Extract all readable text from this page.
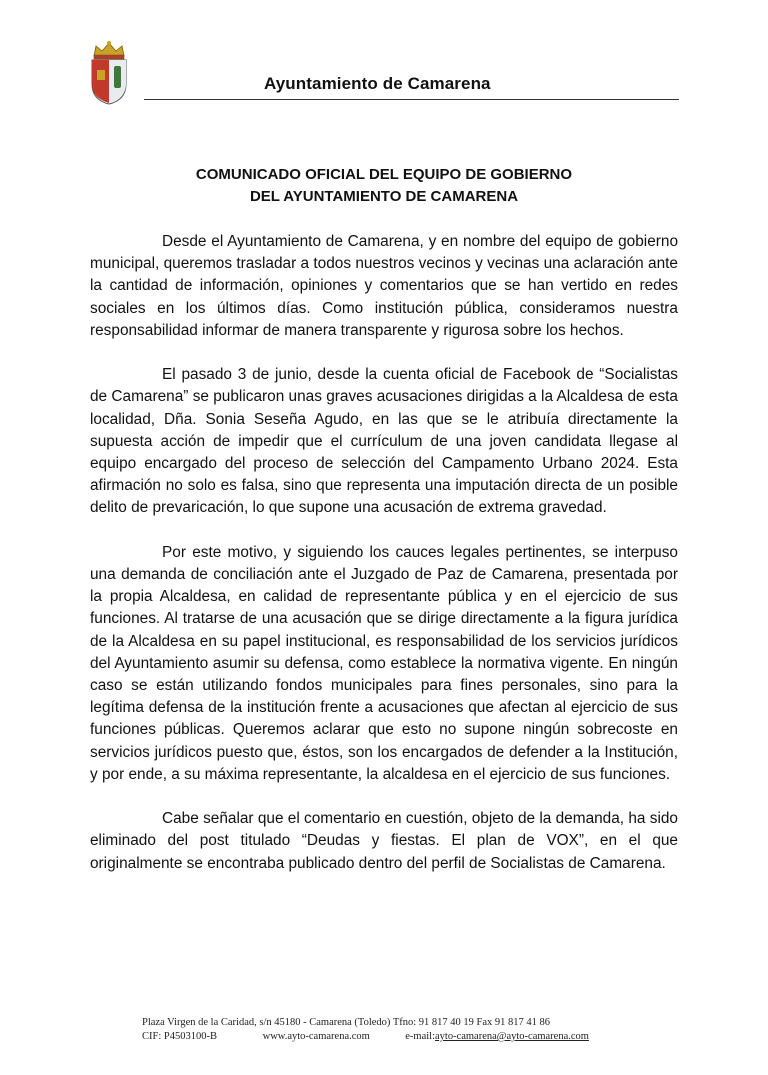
Ayuntamiento de Camarena
COMUNICADO OFICIAL DEL EQUIPO DE GOBIERNO
DEL AYUNTAMIENTO DE CAMARENA

Desde el Ayuntamiento de Camarena, y en nombre del equipo de gobierno municipal, queremos trasladar a todos nuestros vecinos y vecinas una aclaración ante la cantidad de información, opiniones y comentarios que se han vertido en redes sociales en los últimos días. Como institución pública, consideramos nuestra responsabilidad informar de manera transparente y rigurosa sobre los hechos.

El pasado 3 de junio, desde la cuenta oficial de Facebook de “Socialistas de Camarena” se publicaron unas graves acusaciones dirigidas a la Alcaldesa de esta localidad, Dña. Sonia Seseña Agudo, en las que se le atribuía directamente la supuesta acción de impedir que el currículum de una joven candidata llegase al equipo encargado del proceso de selección del Campamento Urbano 2024. Esta afirmación no solo es falsa, sino que representa una imputación directa de un posible delito de prevaricación, lo que supone una acusación de extrema gravedad.

Por este motivo, y siguiendo los cauces legales pertinentes, se interpuso una demanda de conciliación ante el Juzgado de Paz de Camarena, presentada por la propia Alcaldesa, en calidad de representante pública y en el ejercicio de sus funciones. Al tratarse de una acusación que se dirige directamente a la figura jurídica de la Alcaldesa en su papel institucional, es responsabilidad de los servicios jurídicos del Ayuntamiento asumir su defensa, como establece la normativa vigente. En ningún caso se están utilizando fondos municipales para fines personales, sino para la legítima defensa de la institución frente a acusaciones que afectan al ejercicio de sus funciones públicas. Queremos aclarar que esto no supone ningún sobrecoste en servicios jurídicos puesto que, éstos, son los encargados de defender a la Institución, y por ende, a su máxima representante, la alcaldesa en el ejercicio de sus funciones.

Cabe señalar que el comentario en cuestión, objeto de la demanda, ha sido eliminado del post titulado “Deudas y fiestas. El plan de VOX”, en el que originalmente se encontraba publicado dentro del perfil de Socialistas de Camarena.

Plaza Virgen de la Caridad, s/n 45180 - Camarena (Toledo) Tfno: 91 817 40 19 Fax 91 817 41 86
CIF: P4503100-B	www.ayto-camarena.com	e-mail:ayto-camarena@ayto-camarena.com
